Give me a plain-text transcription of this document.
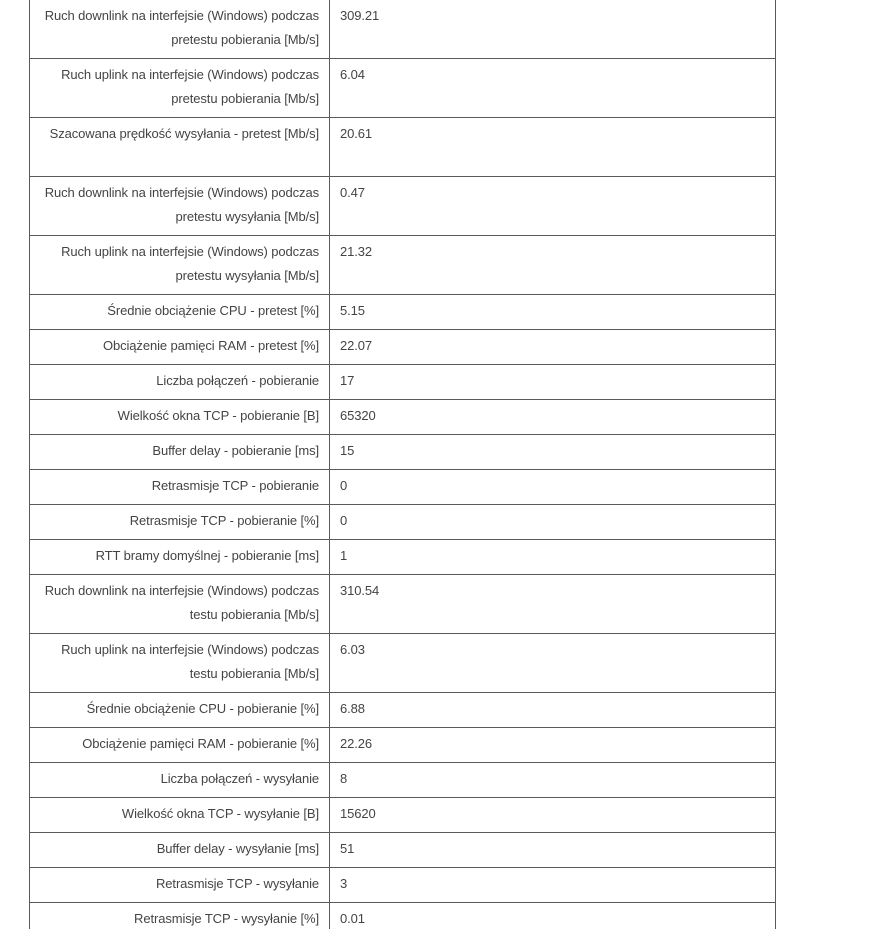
Ruch downlink na interfejsie (Windows) podczas pretestu pobierania [Mb/s]	309.21
Ruch uplink na interfejsie (Windows) podczas pretestu pobierania [Mb/s]	6.04
Szacowana prędkość wysyłania - pretest [Mb/s]	20.61
Ruch downlink na interfejsie (Windows) podczas pretestu wysyłania [Mb/s]	0.47
Ruch uplink na interfejsie (Windows) podczas pretestu wysyłania [Mb/s]	21.32
Średnie obciążenie CPU - pretest [%]	5.15
Obciążenie pamięci RAM - pretest [%]	22.07
Liczba połączeń - pobieranie	17
Wielkość okna TCP - pobieranie [B]	65320
Buffer delay - pobieranie [ms]	15
Retrasmisje TCP - pobieranie	0
Retrasmisje TCP - pobieranie [%]	0
RTT bramy domyślnej - pobieranie [ms]	1
Ruch downlink na interfejsie (Windows) podczas testu pobierania [Mb/s]	310.54
Ruch uplink na interfejsie (Windows) podczas testu pobierania [Mb/s]	6.03
Średnie obciążenie CPU - pobieranie [%]	6.88
Obciążenie pamięci RAM - pobieranie [%]	22.26
Liczba połączeń - wysyłanie	8
Wielkość okna TCP - wysyłanie [B]	15620
Buffer delay - wysyłanie [ms]	51
Retrasmisje TCP - wysyłanie	3
Retrasmisje TCP - wysyłanie [%]	0.01
